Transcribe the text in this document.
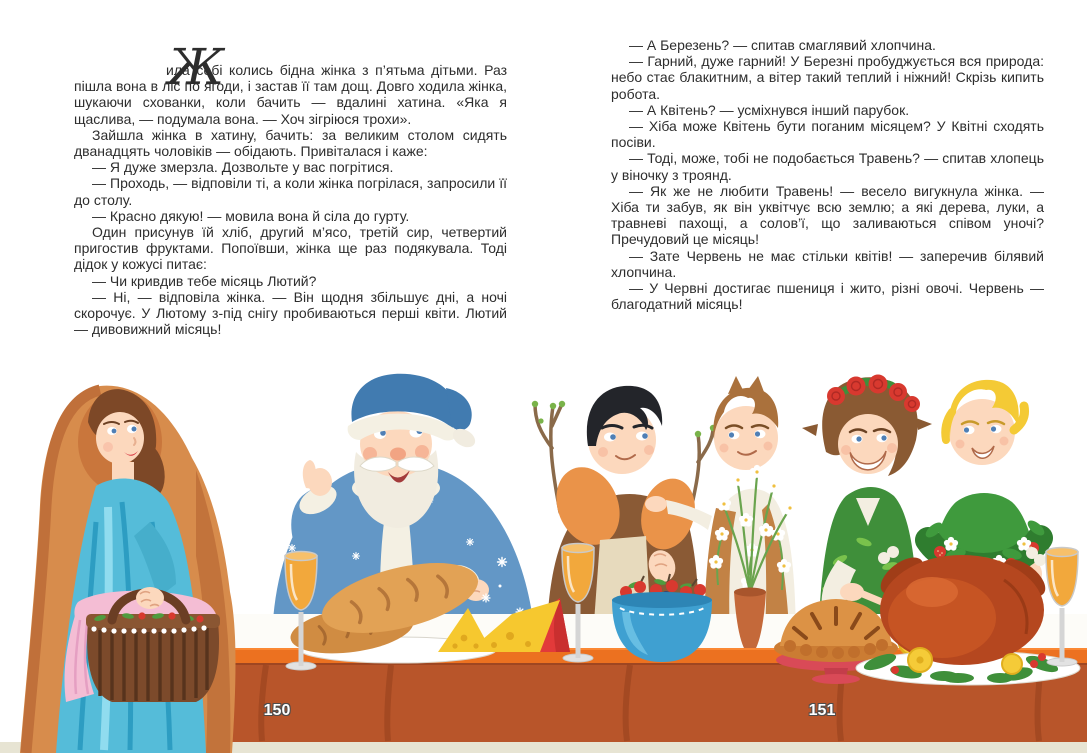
Ж
ила собі колись бідна жінка з п’ятьма дітьми. Раз пішла вона в ліс по ягоди, і застав її там дощ. Довго ходила жінка, шукаючи схованки, коли бачить — вдалині хатина. «Яка я щаслива, — подумала вона. — Хоч зігріюся трохи».

Зайшла жінка в хатину, бачить: за великим столом сидять дванадцять чоловіків — обідають. Привіталася і каже:

— Я дуже змерзла. Дозвольте у вас погрітися.

— Проходь, — відповіли ті, а коли жінка погрілася, запросили її до столу.

— Красно дякую! — мовила вона й сіла до гурту.

Один присунув їй хліб, другий м’ясо, третій сир, четвертий пригостив фруктами. Попоївши, жінка ще раз подякувала. Тоді дідок у кожусі питає:

— Чи кривдив тебе місяць Лютий?

— Ні, — відповіла жінка. — Він щодня збільшує дні, а ночі скорочує. У Лютому з-під снігу пробиваються перші квіти. Лютий — дивовижний місяць!

— А Березень? — спитав смаглявий хлопчина.

— Гарний, дуже гарний! У Березні пробуджується вся природа: небо стає блакитним, а вітер такий теплий і ніжний! Скрізь кипить робота.

— А Квітень? — усміхнувся інший парубок.

— Хіба може Квітень бути поганим місяцем? У Квітні сходять посіви.

— Тоді, може, тобі не подобається Травень? — спитав хлопець у віночку з троянд.

— Як же не любити Травень! — весело вигукнула жінка. — Хіба ти забув, як він уквітчує всю землю; а які дерева, луки, а травневі пахощі, а солов’ї, що заливаються співом уночі? Пречудовий це місяць!

— Зате Червень не має стільки квітів! — заперечив білявий хлопчина.

— У Червні достигає пшениця і жито, різні овочі. Червень — благодатний місяць!

150	151
